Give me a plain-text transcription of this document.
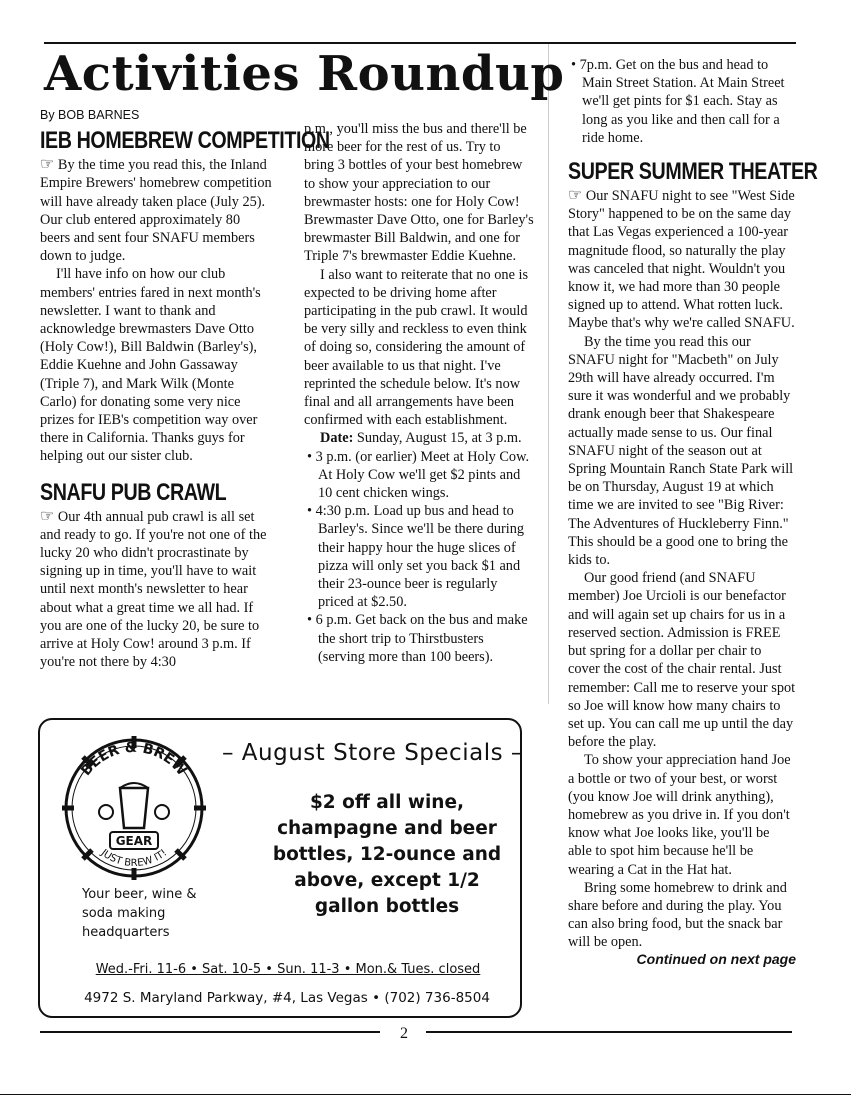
Activities Roundup
By BOB BARNES
IEB HOMEBREW COMPETITION

☞ By the time you read this, the Inland Empire Brewers' homebrew competition will have already taken place (July 25). Our club entered approximately 80 beers and sent four SNAFU members down to judge.

I'll have info on how our club members' entries fared in next month's newsletter. I want to thank and acknowledge brewmasters Dave Otto (Holy Cow!), Bill Baldwin (Barley's), Eddie Kuehne and John Gassaway (Triple 7), and Mark Wilk (Monte Carlo) for donating some very nice prizes for IEB's competition way over there in California. Thanks guys for helping out our sister club.

SNAFU PUB CRAWL

☞ Our 4th annual pub crawl is all set and ready to go. If you're not one of the lucky 20 who didn't procrastinate by signing up in time, you'll have to wait until next month's newsletter to hear about what a great time we all had. If you are one of the lucky 20, be sure to arrive at Holy Cow! around 3 p.m. If you're not there by 4:30

p.m., you'll miss the bus and there'll be more beer for the rest of us. Try to bring 3 bottles of your best homebrew to show your appreciation to our brewmaster hosts: one for Holy Cow! Brewmaster Dave Otto, one for Barley's brewmaster Bill Baldwin, and one for Triple 7's brewmaster Eddie Kuehne.

I also want to reiterate that no one is expected to be driving home after participating in the pub crawl. It would be very silly and reckless to even think of doing so, considering the amount of beer available to us that night. I've reprinted the schedule below. It's now final and all arrangements have been confirmed with each establishment.

Date: Sunday, August 15, at 3 p.m.

• 3 p.m. (or earlier) Meet at Holy Cow. At Holy Cow we'll get $2 pints and 10 cent chicken wings.

• 4:30 p.m. Load up bus and head to Barley's. Since we'll be there during their happy hour the huge slices of pizza will only set you back $1 and their 23-ounce beer is regularly priced at $2.50.

• 6 p.m. Get back on the bus and make the short trip to Thirstbusters (serving more than 100 beers).

• 7p.m. Get on the bus and head to Main Street Station. At Main Street we'll get pints for $1 each. Stay as long as you like and then call for a ride home.

SUPER SUMMER THEATER

☞ Our SNAFU night to see "West Side Story" happened to be on the same day that Las Vegas experienced a 100-year magnitude flood, so naturally the play was canceled that night. Wouldn't you know it, we had more than 30 people signed up to attend. What rotten luck. Maybe that's why we're called SNAFU.

By the time you read this our SNAFU night for "Macbeth" on July 29th will have already occurred. I'm sure it was wonderful and we probably drank enough beer that Shakespeare actually made sense to us. Our final SNAFU night of the season out at Spring Mountain Ranch State Park will be on Thursday, August 19 at which time we are invited to see "Big River: The Adventures of Huckleberry Finn." This should be a good one to bring the kids to.

Our good friend (and SNAFU member) Joe Urcioli is our benefactor and will again set up chairs for us in a reserved section. Admission is FREE but spring for a dollar per chair to cover the cost of the chair rental. Just remember: Call me to reserve your spot so Joe will know how many chairs to set up. You can call me up until the day before the play.

To show your appreciation hand Joe a bottle or two of your best, or worst (you know Joe will drink anything), homebrew as you drive in. If you don't know what Joe looks like, you'll be able to spot him because he'll be wearing a Cat in the Hat hat.

Bring some homebrew to drink and share before and during the play. You can also bring food, but the snack bar will be open.

Continued on next page

BEER & BREW
GEAR
JUST BREW IT!
– August Store Specials –
$2 off all wine, champagne and beer bottles, 12-ounce and above, except 1/2 gallon bottles
Your beer, wine & soda making headquarters
Wed.-Fri. 11-6 • Sat. 10-5 • Sun. 11-3 • Mon.& Tues. closed
4972 S. Maryland Parkway, #4, Las Vegas • (702) 736-8504
2
